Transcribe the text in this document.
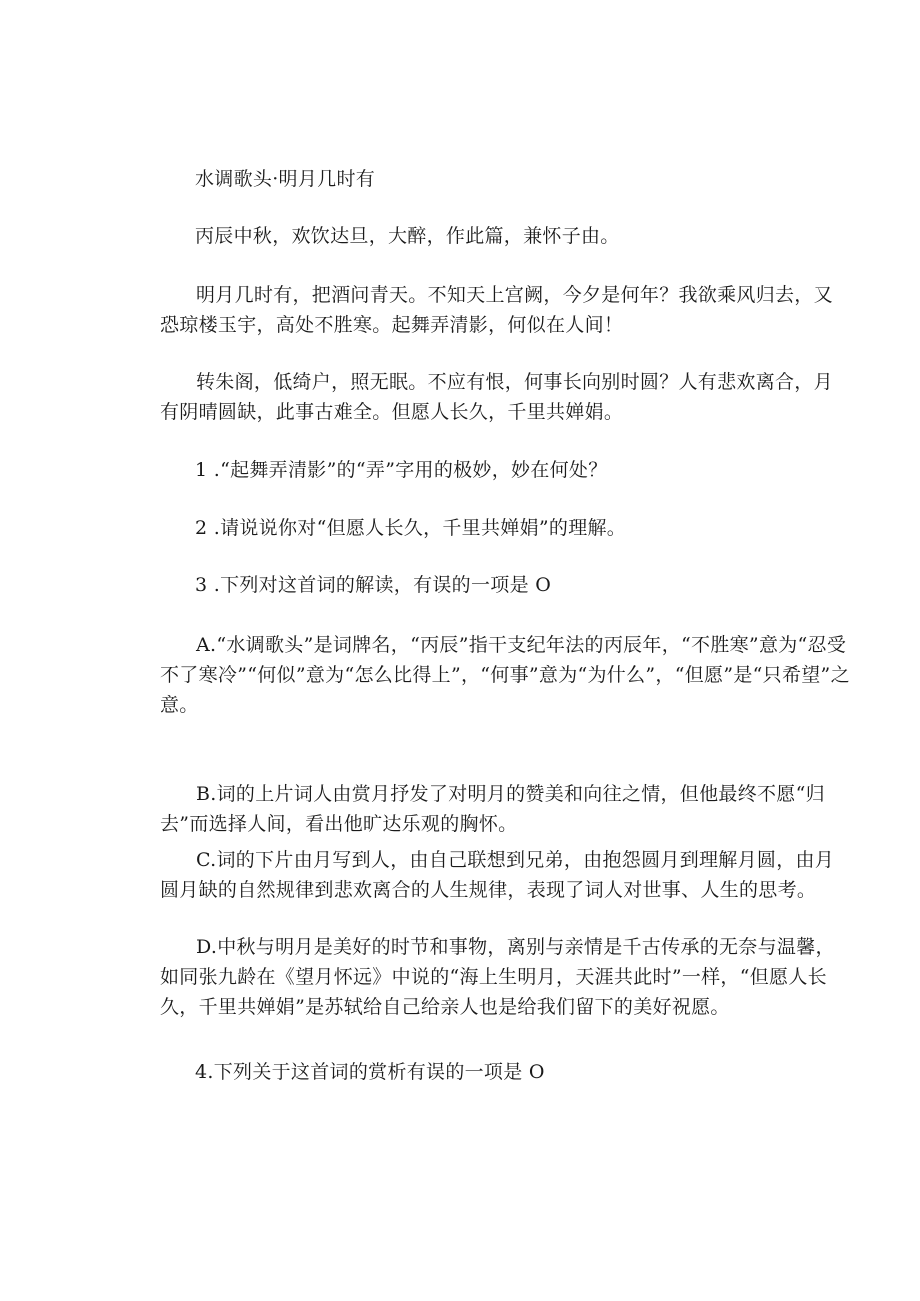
水调歌头·明月几时有

丙辰中秋，欢饮达旦，大醉，作此篇，兼怀子由。

明月几时有，把酒问青天。不知天上宫阙，今夕是何年？我欲乘风归去，又恐琼楼玉宇，高处不胜寒。起舞弄清影，何似在人间！

转朱阁，低绮户，照无眠。不应有恨，何事长向别时圆？人有悲欢离合，月有阴晴圆缺，此事古难全。但愿人长久，千里共婵娟。

1 .“起舞弄清影”的“弄”字用的极妙，妙在何处？

2 .请说说你对“但愿人长久，千里共婵娟”的理解。

3 .下列对这首词的解读，有误的一项是 O

A.“水调歌头”是词牌名，“丙辰”指干支纪年法的丙辰年，“不胜寒”意为“忍受不了寒冷”“何似”意为“怎么比得上”，“何事”意为“为什么”，“但愿”是“只希望”之意。

B.词的上片词人由赏月抒发了对明月的赞美和向往之情，但他最终不愿“归去”而选择人间，看出他旷达乐观的胸怀。

C.词的下片由月写到人，由自己联想到兄弟，由抱怨圆月到理解月圆，由月圆月缺的自然规律到悲欢离合的人生规律，表现了词人对世事、人生的思考。

D.中秋与明月是美好的时节和事物，离别与亲情是千古传承的无奈与温馨，如同张九龄在《望月怀远》中说的“海上生明月，天涯共此时”一样，“但愿人长久，千里共婵娟”是苏轼给自己给亲人也是给我们留下的美好祝愿。

4.下列关于这首词的赏析有误的一项是 O
